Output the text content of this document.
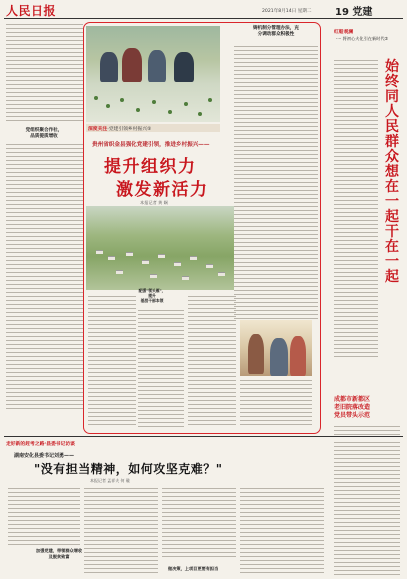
人民日报	2021年8月14日 星期二 19 党建
党组织聚合作社，
品质提质增收
深度关注·党建引领乡村振兴⑤
贵州省织金县强化党建引领，推进乡村振兴——
提升组织力
激发新活力
本报记者 黄 娴
配强"领头雁"，提升
基层干部本领
铸机制分管理办法，充
分调动群众积极性	红船观澜
···· 将初心火化引在新时代②
始终同人民群众想在一起干在一起
成都市新都区
老旧院落改造
党员带头示范
走好新的赶考之路·县委书记访谈
湖南安化县委书记刘勇——
"没有担当精神，如何攻坚克难？"
本报记者 孟祥夫 何 璇
加强党建，带领群众增收
及脱贫致富
做决策，上项目更要有担当
